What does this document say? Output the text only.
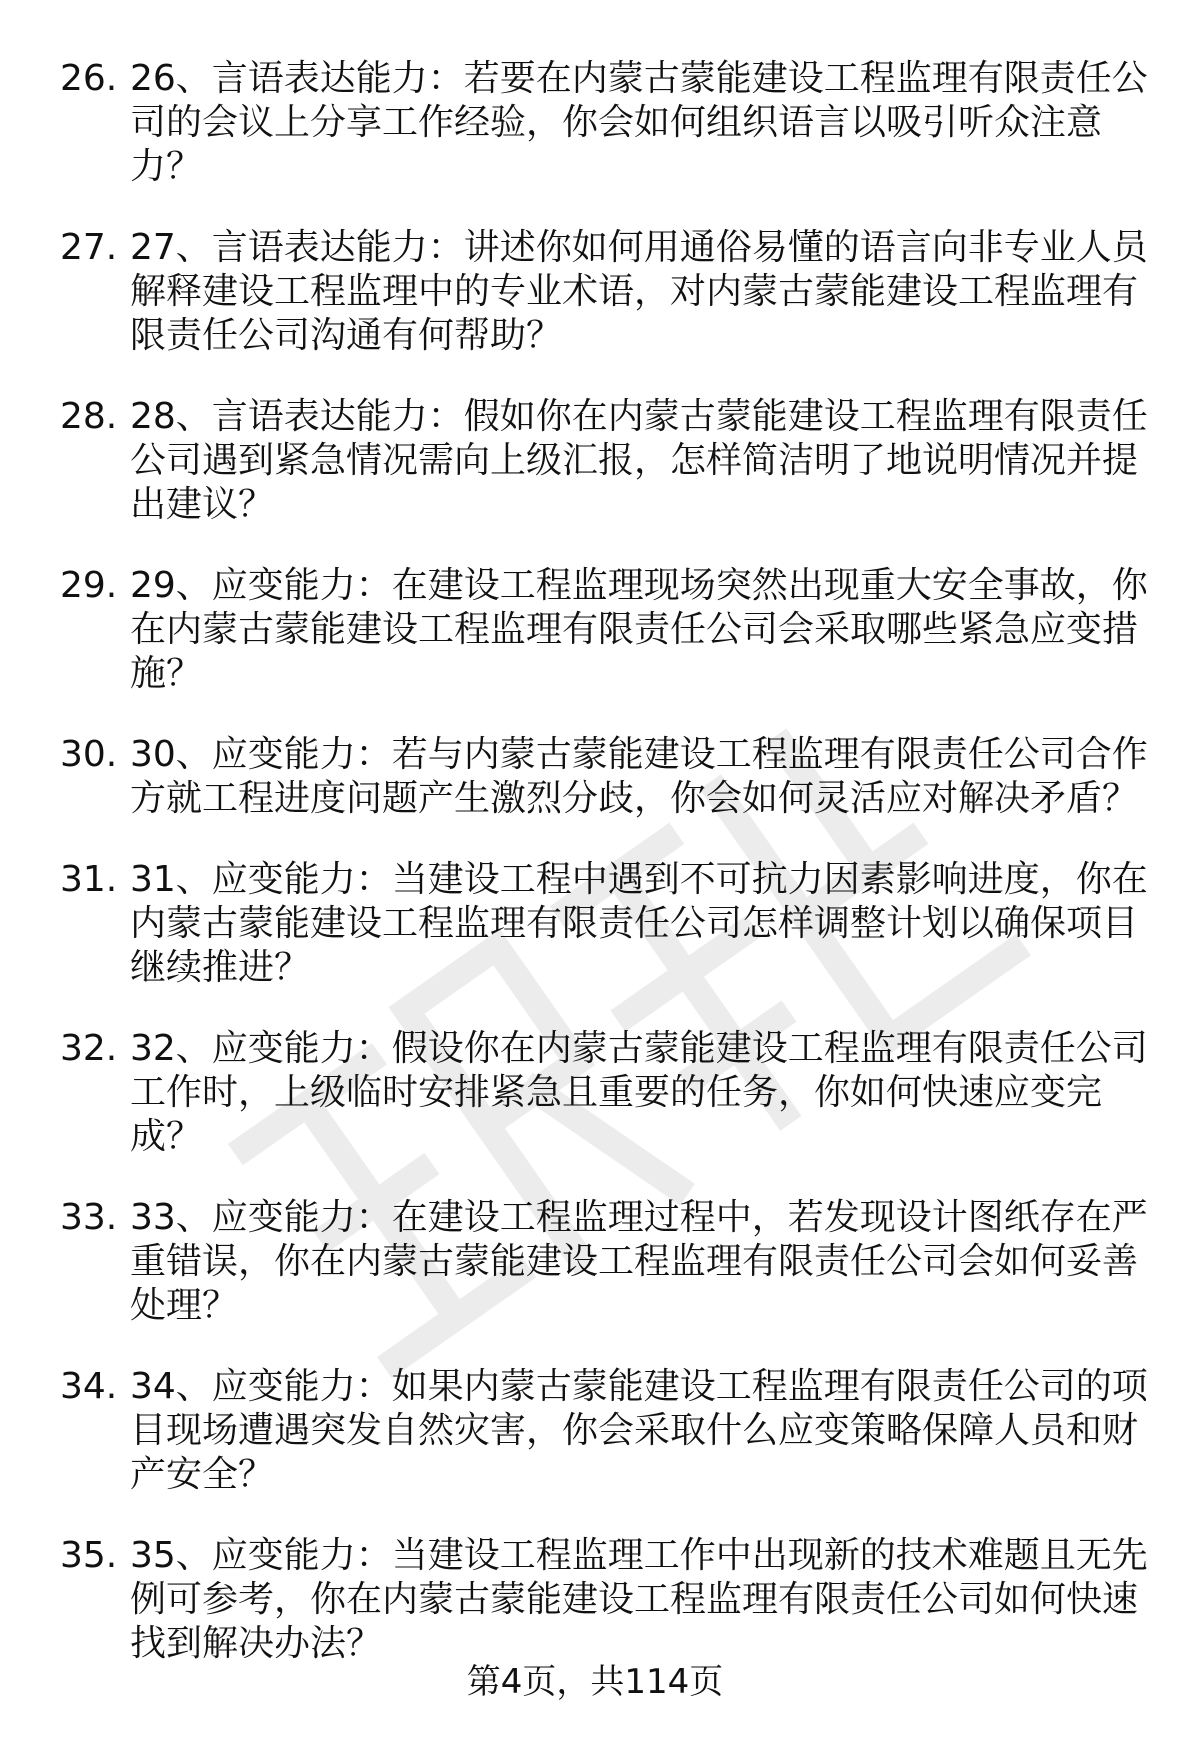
26. 26、言语表达能力：若要在内蒙古蒙能建设工程监理有限责任公司的会议上分享工作经验，你会如何组织语言以吸引听众注意力？
27. 27、言语表达能力：讲述你如何用通俗易懂的语言向非专业人员解释建设工程监理中的专业术语，对内蒙古蒙能建设工程监理有限责任公司沟通有何帮助？
28. 28、言语表达能力：假如你在内蒙古蒙能建设工程监理有限责任公司遇到紧急情况需向上级汇报，怎样简洁明了地说明情况并提出建议？
29. 29、应变能力：在建设工程监理现场突然出现重大安全事故，你在内蒙古蒙能建设工程监理有限责任公司会采取哪些紧急应变措施？
30. 30、应变能力：若与内蒙古蒙能建设工程监理有限责任公司合作方就工程进度问题产生激烈分歧，你会如何灵活应对解决矛盾？
31. 31、应变能力：当建设工程中遇到不可抗力因素影响进度，你在内蒙古蒙能建设工程监理有限责任公司怎样调整计划以确保项目继续推进？
32. 32、应变能力：假设你在内蒙古蒙能建设工程监理有限责任公司工作时，上级临时安排紧急且重要的任务，你如何快速应变完成？
33. 33、应变能力：在建设工程监理过程中，若发现设计图纸存在严重错误，你在内蒙古蒙能建设工程监理有限责任公司会如何妥善处理？
34. 34、应变能力：如果内蒙古蒙能建设工程监理有限责任公司的项目现场遭遇突发自然灾害，你会采取什么应变策略保障人员和财产安全？
35. 35、应变能力：当建设工程监理工作中出现新的技术难题且无先例可参考，你在内蒙古蒙能建设工程监理有限责任公司如何快速找到解决办法？
第4页，共114页
